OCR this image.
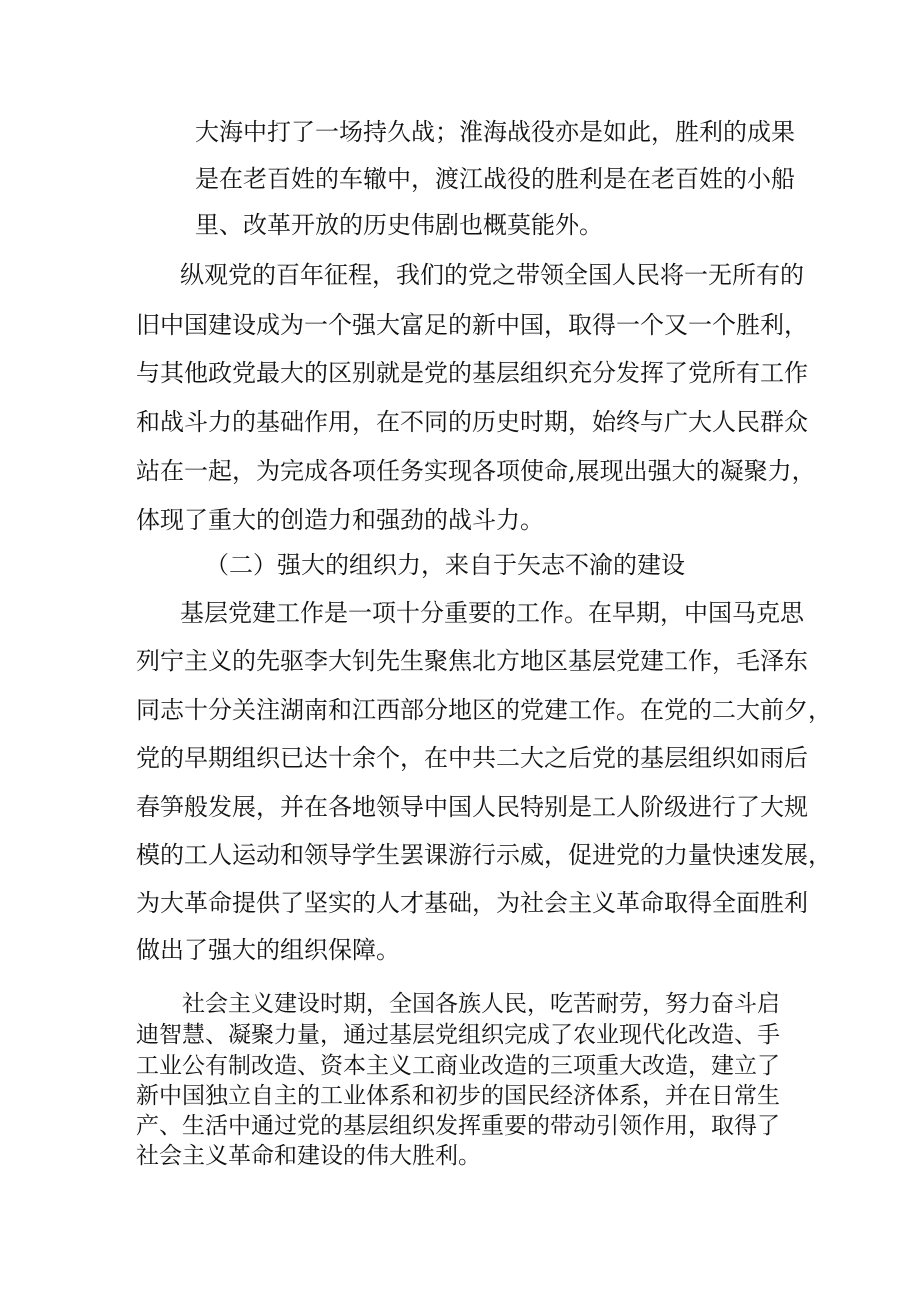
大海中打了一场持久战；淮海战役亦是如此，胜利的成果
是在老百姓的车辙中，渡江战役的胜利是在老百姓的小船
里、改革开放的历史伟剧也概莫能外。
纵观党的百年征程，我们的党之带领全国人民将一无所有的
旧中国建设成为一个强大富足的新中国，取得一个又一个胜利，
与其他政党最大的区别就是党的基层组织充分发挥了党所有工作
和战斗力的基础作用，在不同的历史时期，始终与广大人民群众
站在一起，为完成各项任务实现各项使命,展现出强大的凝聚力，
体现了重大的创造力和强劲的战斗力。
（二）强大的组织力，来自于矢志不渝的建设
基层党建工作是一项十分重要的工作。在早期，中国马克思
列宁主义的先驱李大钊先生聚焦北方地区基层党建工作，毛泽东
同志十分关注湖南和江西部分地区的党建工作。在党的二大前夕，
党的早期组织已达十余个，在中共二大之后党的基层组织如雨后
春笋般发展，并在各地领导中国人民特别是工人阶级进行了大规
模的工人运动和领导学生罢课游行示威，促进党的力量快速发展，
为大革命提供了坚实的人才基础，为社会主义革命取得全面胜利
做出了强大的组织保障。
社会主义建设时期，全国各族人民，吃苦耐劳，努力奋斗启
迪智慧、凝聚力量，通过基层党组织完成了农业现代化改造、手
工业公有制改造、资本主义工商业改造的三项重大改造，建立了
新中国独立自主的工业体系和初步的国民经济体系，并在日常生
产、生活中通过党的基层组织发挥重要的带动引领作用，取得了
社会主义革命和建设的伟大胜利。
